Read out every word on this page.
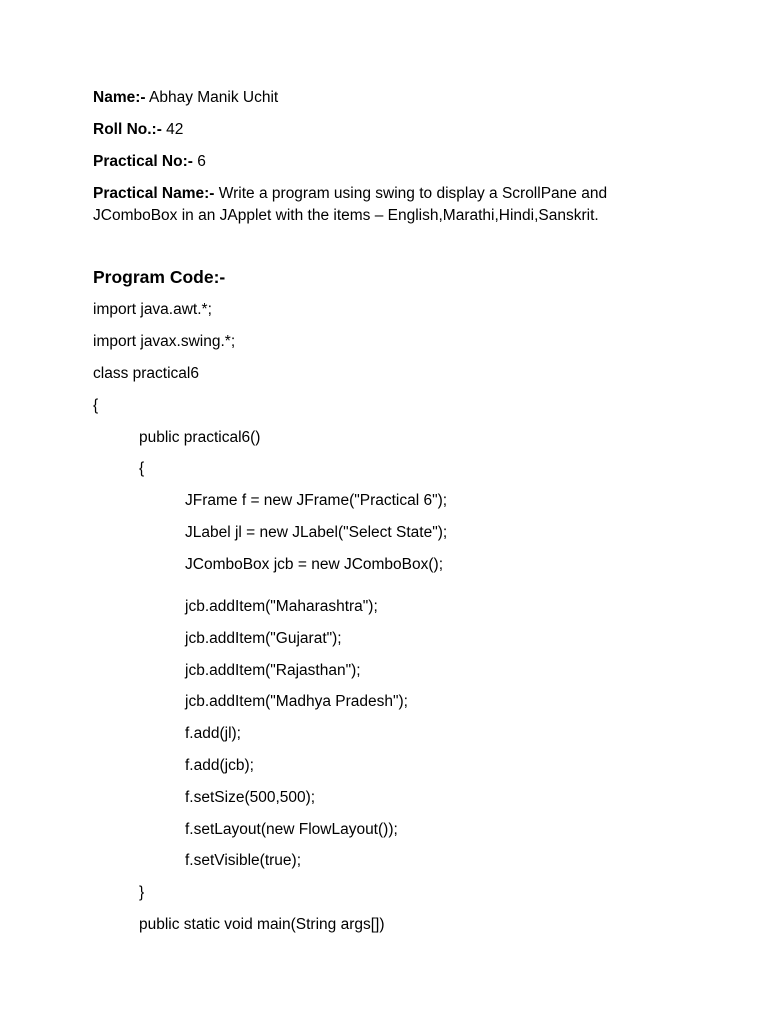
Name:- Abhay Manik Uchit
Roll No.:- 42
Practical No:- 6
Practical Name:- Write a program using swing to display a ScrollPane and
JComboBox in an JApplet with the items – English,Marathi,Hindi,Sanskrit.
Program Code:-
import java.awt.*;
import javax.swing.*;
class practical6
{
public practical6()
{
JFrame f = new JFrame("Practical 6");
JLabel jl = new JLabel("Select State");
JComboBox jcb = new JComboBox();
jcb.addItem("Maharashtra");
jcb.addItem("Gujarat");
jcb.addItem("Rajasthan");
jcb.addItem("Madhya Pradesh");
f.add(jl);
f.add(jcb);
f.setSize(500,500);
f.setLayout(new FlowLayout());
f.setVisible(true);
}
public static void main(String args[])
